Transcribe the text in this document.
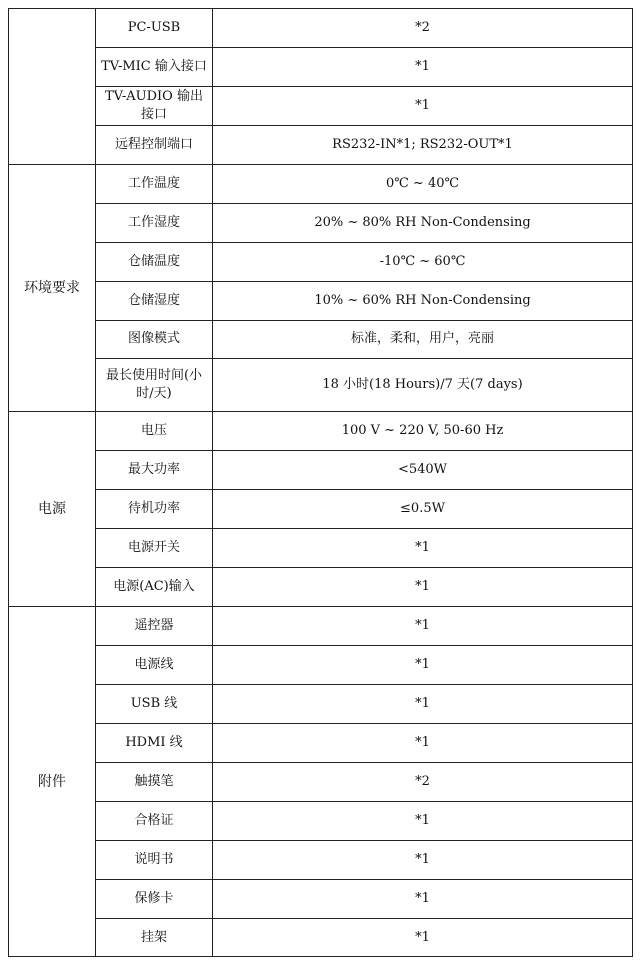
	PC-USB	*2
	TV-MIC 输入接口	*1
	TV-AUDIO 输出接口	*1
	远程控制端口	RS232-IN*1; RS232-OUT*1
环境要求	工作温度	0℃ ~ 40℃
	工作湿度	20% ~ 80% RH Non-Condensing
	仓储温度	-10℃ ~ 60℃
	仓储湿度	10% ~ 60% RH Non-Condensing
	图像模式	标准，柔和，用户，亮丽
	最长使用时间(小时/天)	18 小时(18 Hours)/7 天(7 days)
电源	电压	100 V ~ 220 V, 50-60 Hz
	最大功率	<540W
	待机功率	≤0.5W
	电源开关	*1
	电源(AC)输入	*1
附件	遥控器	*1
	电源线	*1
	USB 线	*1
	HDMI 线	*1
	触摸笔	*2
	合格证	*1
	说明书	*1
	保修卡	*1
	挂架	*1
